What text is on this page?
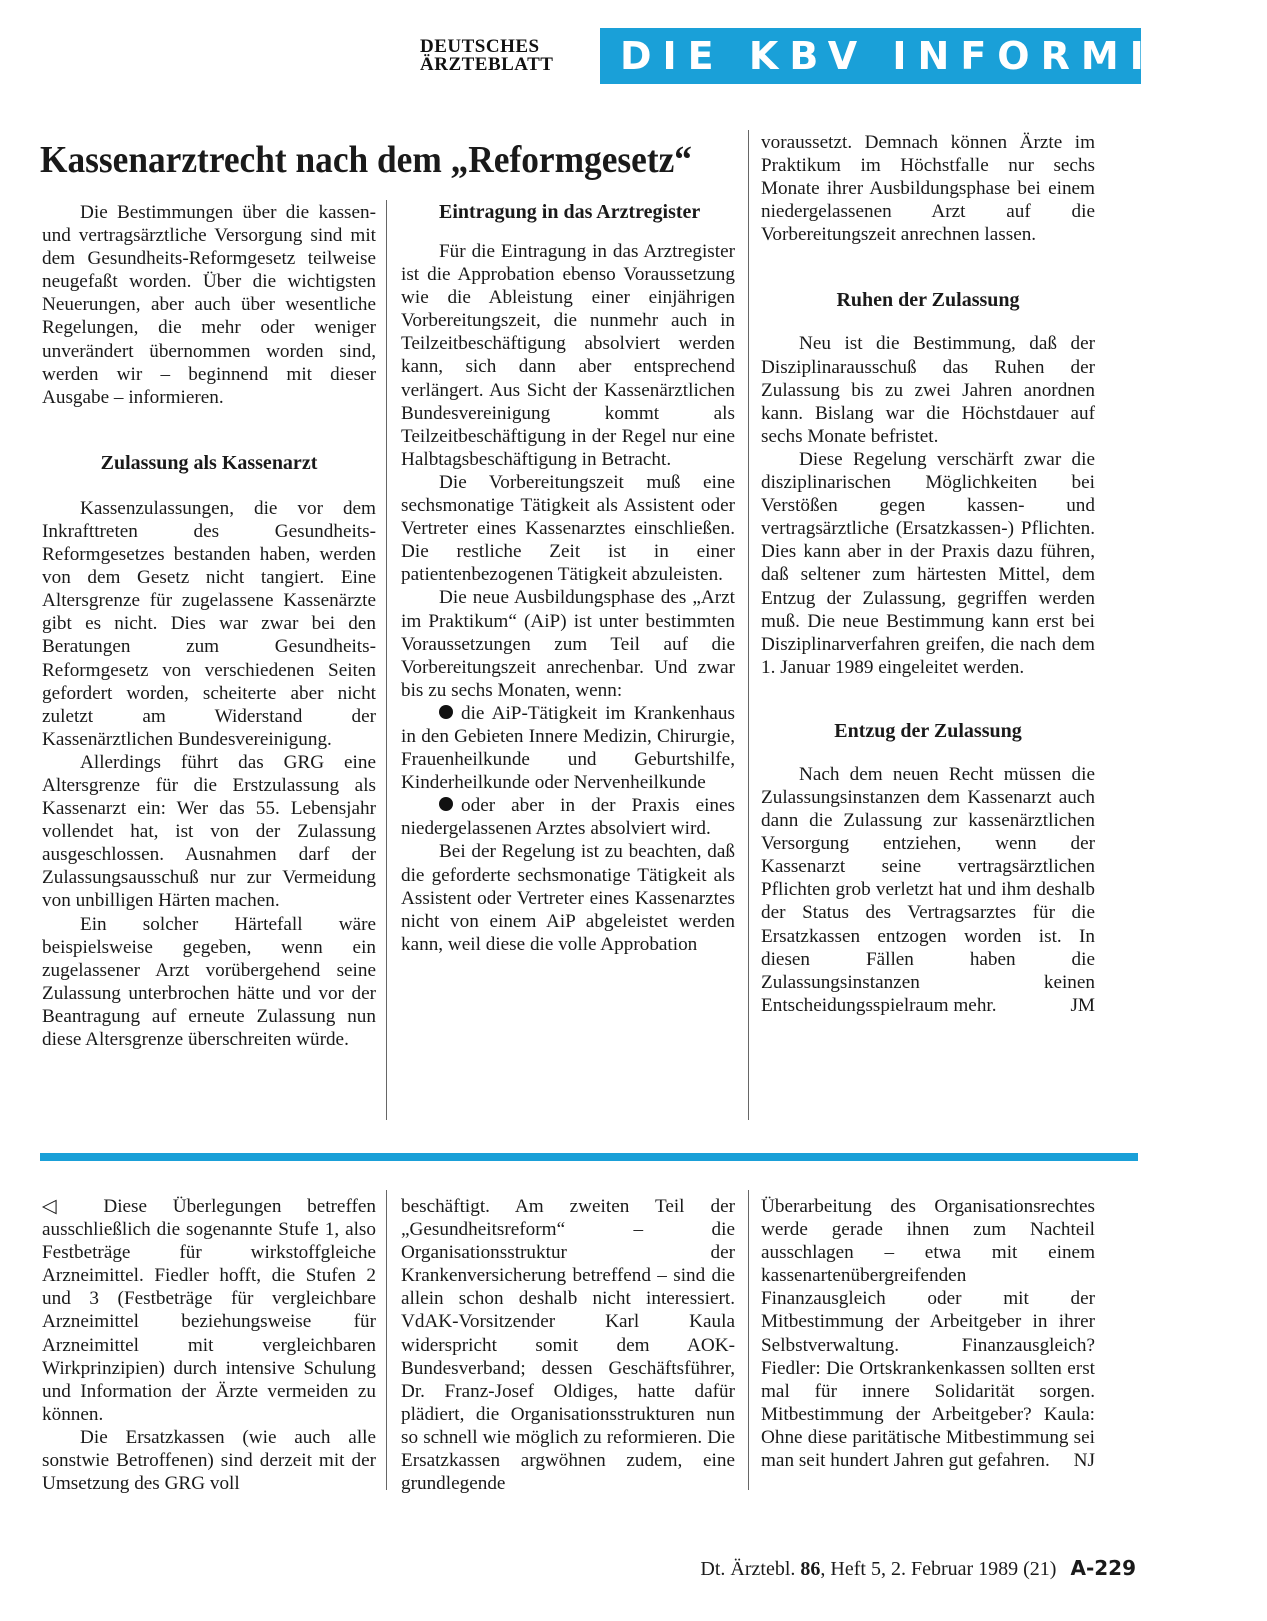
DEUTSCHES
ÄRZTEBLATT	DIE KBV INFORMIERT
Kassenarztrecht nach dem „Reformgesetz“

Die Bestimmungen über die kassen- und vertragsärztliche Versorgung sind mit dem Gesundheits-Reformgesetz teilweise neugefaßt worden. Über die wichtigsten Neuerungen, aber auch über wesentliche Regelungen, die mehr oder weniger unverändert übernommen worden sind, werden wir – beginnend mit dieser Ausgabe – informieren.

Zulassung als Kassenarzt

Kassenzulassungen, die vor dem Inkrafttreten des Gesundheits-Reformgesetzes bestanden haben, werden von dem Gesetz nicht tangiert. Eine Altersgrenze für zugelassene Kassenärzte gibt es nicht. Dies war zwar bei den Beratungen zum Gesundheits-Reformgesetz von verschiedenen Seiten gefordert worden, scheiterte aber nicht zuletzt am Widerstand der Kassenärztlichen Bundesvereinigung.

Allerdings führt das GRG eine Altersgrenze für die Erstzulassung als Kassenarzt ein: Wer das 55. Lebensjahr vollendet hat, ist von der Zulassung ausgeschlossen. Ausnahmen darf der Zulassungsausschuß nur zur Vermeidung von unbilligen Härten machen.

Ein solcher Härtefall wäre beispielsweise gegeben, wenn ein zugelassener Arzt vorübergehend seine Zulassung unterbrochen hätte und vor der Beantragung auf erneute Zulassung nun diese Altersgrenze überschreiten würde.

Eintragung in das Arztregister

Für die Eintragung in das Arztregister ist die Approbation ebenso Voraussetzung wie die Ableistung einer einjährigen Vorbereitungszeit, die nunmehr auch in Teilzeitbeschäftigung absolviert werden kann, sich dann aber entsprechend verlängert. Aus Sicht der Kassenärztlichen Bundesvereinigung kommt als Teilzeitbeschäftigung in der Regel nur eine Halbtagsbeschäftigung in Betracht.

Die Vorbereitungszeit muß eine sechsmonatige Tätigkeit als Assistent oder Vertreter eines Kassenarztes einschließen. Die restliche Zeit ist in einer patientenbezogenen Tätigkeit abzuleisten.

Die neue Ausbildungsphase des „Arzt im Praktikum“ (AiP) ist unter bestimmten Voraussetzungen zum Teil auf die Vorbereitungszeit anrechenbar. Und zwar bis zu sechs Monaten, wenn:

die AiP-Tätigkeit im Krankenhaus in den Gebieten Innere Medizin, Chirurgie, Frauenheilkunde und Geburtshilfe, Kinderheilkunde oder Nervenheilkunde

oder aber in der Praxis eines niedergelassenen Arztes absolviert wird.

Bei der Regelung ist zu beachten, daß die geforderte sechsmonatige Tätigkeit als Assistent oder Vertreter eines Kassenarztes nicht von einem AiP abgeleistet werden kann, weil diese die volle Approbation

voraussetzt. Demnach können Ärzte im Praktikum im Höchstfalle nur sechs Monate ihrer Ausbildungsphase bei einem niedergelassenen Arzt auf die Vorbereitungszeit anrechnen lassen.

Ruhen der Zulassung

Neu ist die Bestimmung, daß der Disziplinarausschuß das Ruhen der Zulassung bis zu zwei Jahren anordnen kann. Bislang war die Höchstdauer auf sechs Monate befristet.

Diese Regelung verschärft zwar die disziplinarischen Möglichkeiten bei Verstößen gegen kassen- und vertragsärztliche (Ersatzkassen-) Pflichten. Dies kann aber in der Praxis dazu führen, daß seltener zum härtesten Mittel, dem Entzug der Zulassung, gegriffen werden muß. Die neue Bestimmung kann erst bei Disziplinarverfahren greifen, die nach dem 1. Januar 1989 eingeleitet werden.

Entzug der Zulassung

Nach dem neuen Recht müssen die Zulassungsinstanzen dem Kassenarzt auch dann die Zulassung zur kassenärztlichen Versorgung entziehen, wenn der Kassenarzt seine vertragsärztlichen Pflichten grob verletzt hat und ihm deshalb der Status des Vertragsarztes für die Ersatzkassen entzogen worden ist. In diesen Fällen haben die Zulassungsinstanzen keinen Entscheidungsspielraum mehr.	JM

◁ Diese Überlegungen betreffen ausschließlich die sogenannte Stufe 1, also Festbeträge für wirkstoffgleiche Arzneimittel. Fiedler hofft, die Stufen 2 und 3 (Festbeträge für vergleichbare Arzneimittel beziehungsweise für Arzneimittel mit vergleichbaren Wirkprinzipien) durch intensive Schulung und Information der Ärzte vermeiden zu können.

Die Ersatzkassen (wie auch alle sonstwie Betroffenen) sind derzeit mit der Umsetzung des GRG voll

beschäftigt. Am zweiten Teil der „Gesundheitsreform“ – die Organisationsstruktur der Krankenversicherung betreffend – sind die allein schon deshalb nicht interessiert. VdAK-Vorsitzender Karl Kaula widerspricht somit dem AOK-Bundesverband; dessen Geschäftsführer, Dr. Franz-Josef Oldiges, hatte dafür plädiert, die Organisationsstrukturen nun so schnell wie möglich zu reformieren. Die Ersatzkassen argwöhnen zudem, eine grundlegende

Überarbeitung des Organisationsrechtes werde gerade ihnen zum Nachteil ausschlagen – etwa mit einem kassenartenübergreifenden Finanzausgleich oder mit der Mitbestimmung der Arbeitgeber in ihrer Selbstverwaltung. Finanzausgleich? Fiedler: Die Ortskrankenkassen sollten erst mal für innere Solidarität sorgen. Mitbestimmung der Arbeitgeber? Kaula: Ohne diese paritätische Mitbestimmung sei man seit hundert Jahren gut gefahren. NJ

Dt. Ärztebl. 86, Heft 5, 2. Februar 1989 (21) A-229
